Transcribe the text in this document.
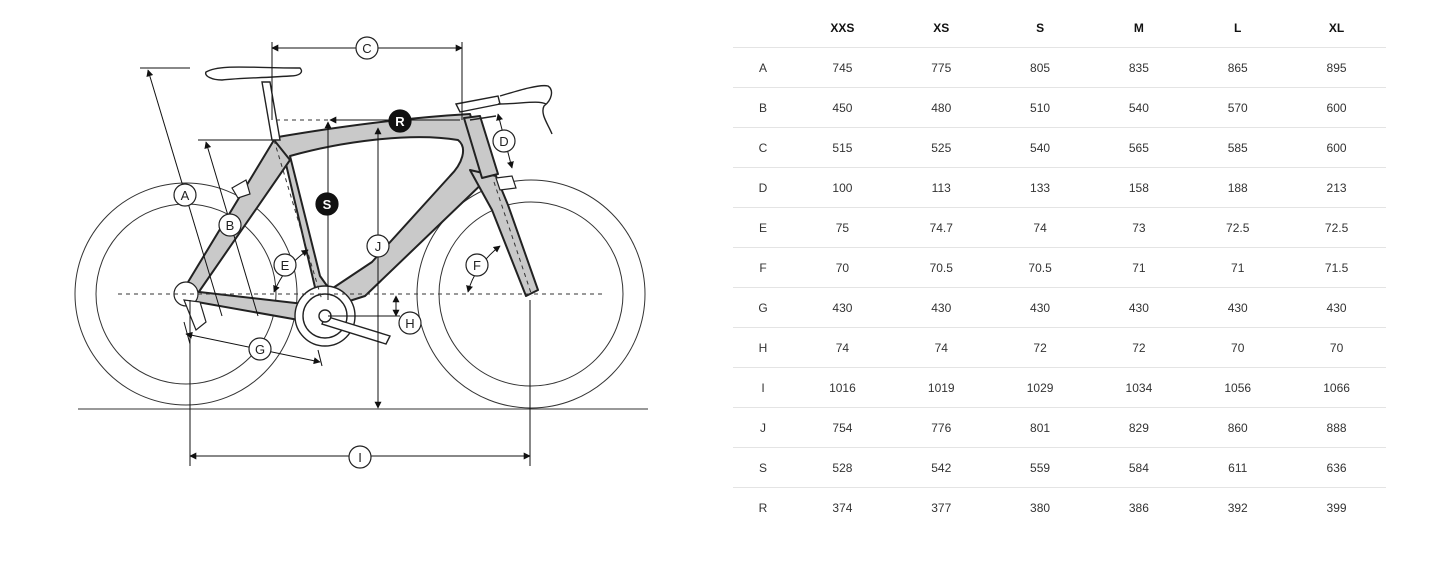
C
A
B
R
S
D
E
J
F
H
G
I
	XXS	XS	S	M	L	XL
A	745	775	805	835	865	895
B	450	480	510	540	570	600
C	515	525	540	565	585	600
D	100	113	133	158	188	213
E	75	74.7	74	73	72.5	72.5
F	70	70.5	70.5	71	71	71.5
G	430	430	430	430	430	430
H	74	74	72	72	70	70
I	1016	1019	1029	1034	1056	1066
J	754	776	801	829	860	888
S	528	542	559	584	611	636
R	374	377	380	386	392	399
